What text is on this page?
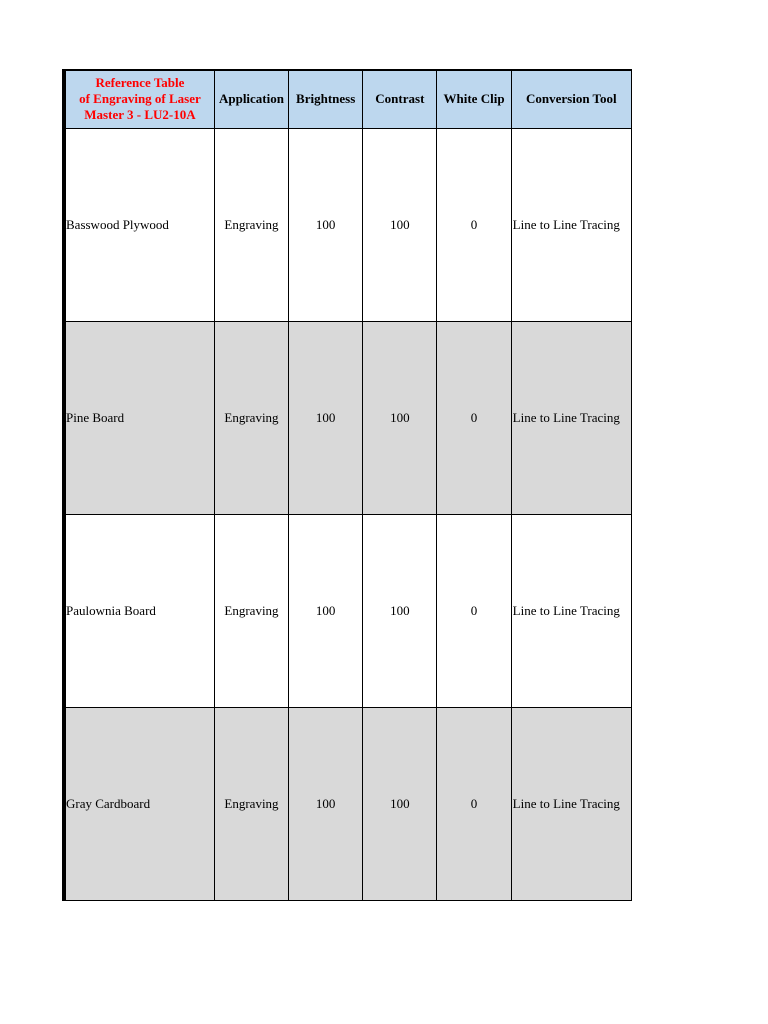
Reference Table
of Engraving of Laser
Master 3 - LU2-10A	Application	Brightness	Contrast	White Clip	Conversion Tool
Basswood Plywood	Engraving	100	100	0	Line to Line Tracing
Pine Board	Engraving	100	100	0	Line to Line Tracing
Paulownia Board	Engraving	100	100	0	Line to Line Tracing
Gray Cardboard	Engraving	100	100	0	Line to Line Tracing
